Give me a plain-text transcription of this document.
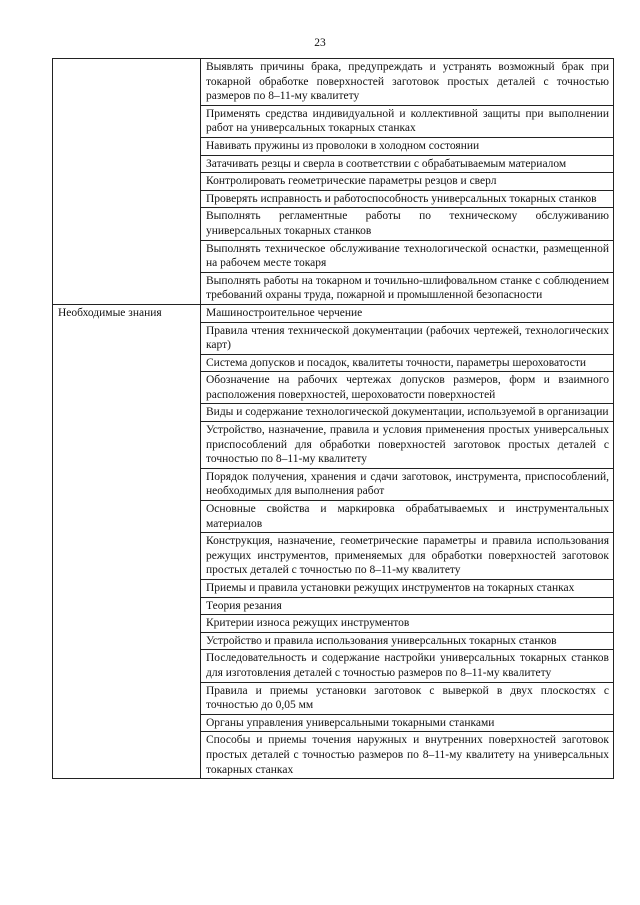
23
	Выявлять причины брака, предупреждать и устранять возможный брак при токарной обработке поверхностей заготовок простых деталей с точностью размеров по 8–11-му квалитету
	Применять средства индивидуальной и коллективной защиты при выполнении работ на универсальных токарных станках
	Навивать пружины из проволоки в холодном состоянии
	Затачивать резцы и сверла в соответствии с обрабатываемым материалом
	Контролировать геометрические параметры резцов и сверл
	Проверять исправность и работоспособность универсальных токарных станков
	Выполнять регламентные работы по техническому обслуживанию универсальных токарных станков
	Выполнять техническое обслуживание технологической оснастки, размещенной на рабочем месте токаря
	Выполнять работы на токарном и точильно-шлифовальном станке с соблюдением требований охраны труда, пожарной и промышленной безопасности
Необходимые знания	Машиностроительное черчение
	Правила чтения технической документации (рабочих чертежей, технологических карт)
	Система допусков и посадок, квалитеты точности, параметры шероховатости
	Обозначение на рабочих чертежах допусков размеров, форм и взаимного расположения поверхностей, шероховатости поверхностей
	Виды и содержание технологической документации, используемой в организации
	Устройство, назначение, правила и условия применения простых универсальных приспособлений для обработки поверхностей заготовок простых деталей с точностью по 8–11-му квалитету
	Порядок получения, хранения и сдачи заготовок, инструмента, приспособлений, необходимых для выполнения работ
	Основные свойства и маркировка обрабатываемых и инструментальных материалов
	Конструкция, назначение, геометрические параметры и правила использования режущих инструментов, применяемых для обработки поверхностей заготовок простых деталей с точностью по 8–11-му квалитету
	Приемы и правила установки режущих инструментов на токарных станках
	Теория резания
	Критерии износа режущих инструментов
	Устройство и правила использования универсальных токарных станков
	Последовательность и содержание настройки универсальных токарных станков для изготовления деталей с точностью размеров по 8–11-му квалитету
	Правила и приемы установки заготовок с выверкой в двух плоскостях с точностью до 0,05 мм
	Органы управления универсальными токарными станками
	Способы и приемы точения наружных и внутренних поверхностей заготовок простых деталей с точностью размеров по 8–11-му квалитету на универсальных токарных станках
